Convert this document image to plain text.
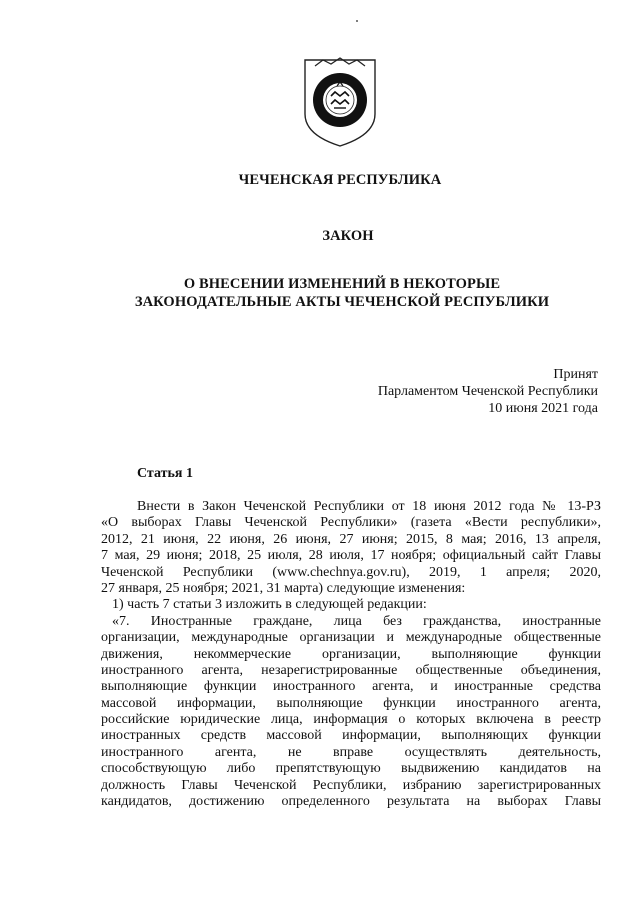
ЧЕЧЕНСКАЯ РЕСПУБЛИКА
ЗАКОН
О ВНЕСЕНИИ ИЗМЕНЕНИЙ В НЕКОТОРЫЕ
ЗАКОНОДАТЕЛЬНЫЕ АКТЫ ЧЕЧЕНСКОЙ РЕСПУБЛИКИ
Принят
Парламентом Чеченской Республики
10 июня 2021 года
Статья 1
Внести в Закон Чеченской Республики от 18 июня 2012 года № 13-РЗ
«О выборах Главы Чеченской Республики» (газета «Вести республики»,
2012, 21 июня, 22 июня, 26 июня, 27 июня; 2015, 8 мая; 2016, 13 апреля,
7 мая, 29 июня; 2018, 25 июля, 28 июля, 17 ноября; официальный сайт Главы
Чеченской Республики (www.chechnya.gov.ru), 2019, 1 апреля; 2020,
27 января, 25 ноября; 2021, 31 марта) следующие изменения:
1) часть 7 статьи 3 изложить в следующей редакции:
«7. Иностранные граждане, лица без гражданства, иностранные
организации, международные организации и международные общественные
движения, некоммерческие организации, выполняющие функции
иностранного агента, незарегистрированные общественные объединения,
выполняющие функции иностранного агента, и иностранные средства
массовой информации, выполняющие функции иностранного агента,
российские юридические лица, информация о которых включена в реестр
иностранных средств массовой информации, выполняющих функции
иностранного агента, не вправе осуществлять деятельность,
способствующую либо препятствующую выдвижению кандидатов на
должность Главы Чеченской Республики, избранию зарегистрированных
кандидатов, достижению определенного результата на выборах Главы
